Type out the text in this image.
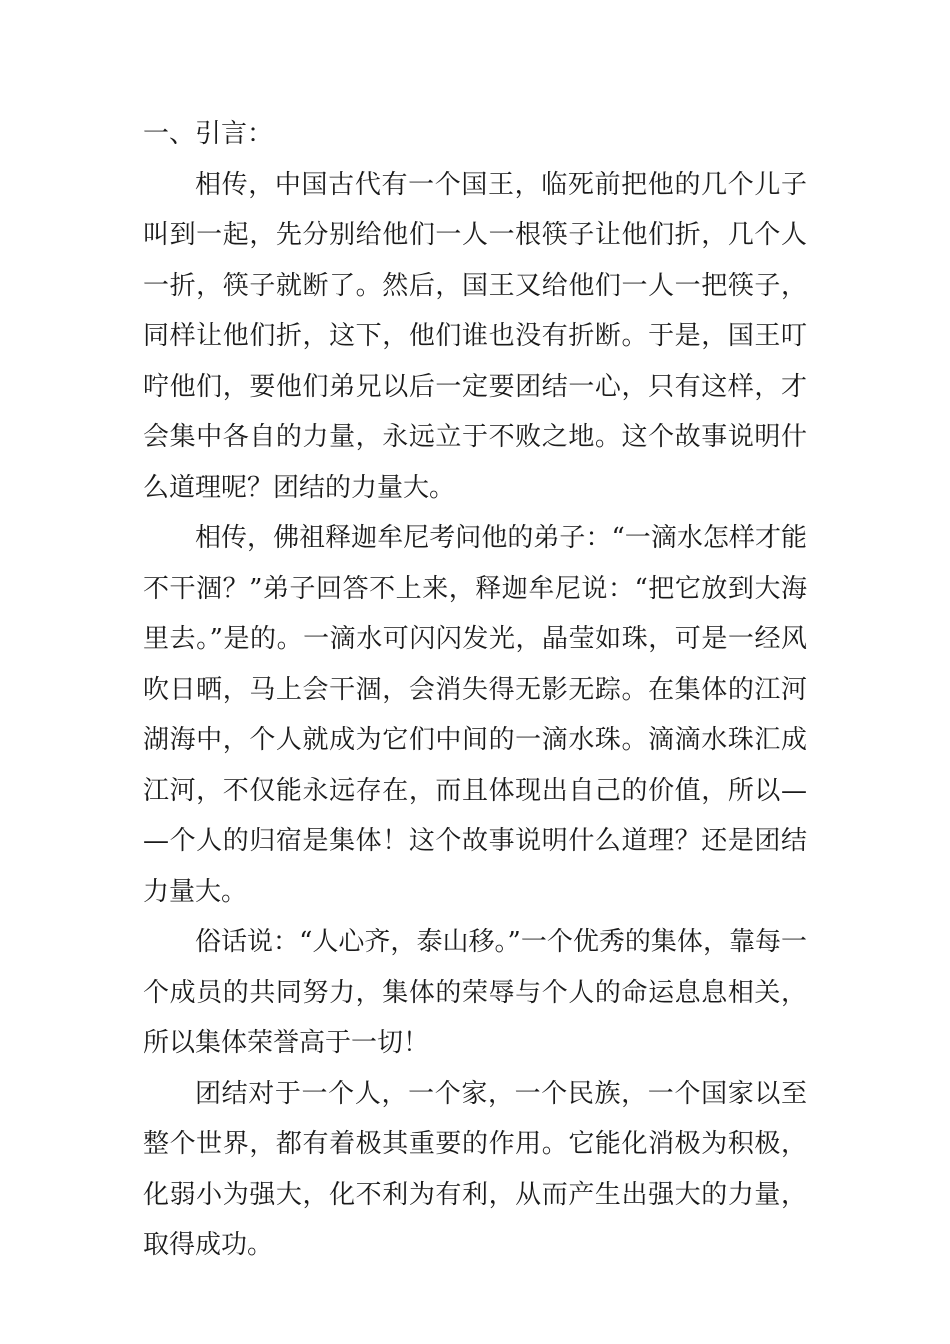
一、引言：

相传，中国古代有一个国王，临死前把他的几个儿子叫到一起，先分别给他们一人一根筷子让他们折，几个人一折，筷子就断了。然后，国王又给他们一人一把筷子，同样让他们折，这下，他们谁也没有折断。于是，国王叮咛他们，要他们弟兄以后一定要团结一心，只有这样，才会集中各自的力量，永远立于不败之地。这个故事说明什么道理呢？团结的力量大。

相传，佛祖释迦牟尼考问他的弟子：“一滴水怎样才能不干涸？”弟子回答不上来，释迦牟尼说：“把它放到大海里去。”是的。一滴水可闪闪发光，晶莹如珠，可是一经风吹日晒，马上会干涸，会消失得无影无踪。在集体的江河湖海中，个人就成为它们中间的一滴水珠。滴滴水珠汇成江河，不仅能永远存在，而且体现出自己的价值，所以——个人的归宿是集体！这个故事说明什么道理？还是团结力量大。

俗话说：“人心齐，泰山移。”一个优秀的集体，靠每一个成员的共同努力，集体的荣辱与个人的命运息息相关，所以集体荣誉高于一切！

团结对于一个人，一个家，一个民族，一个国家以至整个世界，都有着极其重要的作用。它能化消极为积极，化弱小为强大，化不利为有利，从而产生出强大的力量，取得成功。
